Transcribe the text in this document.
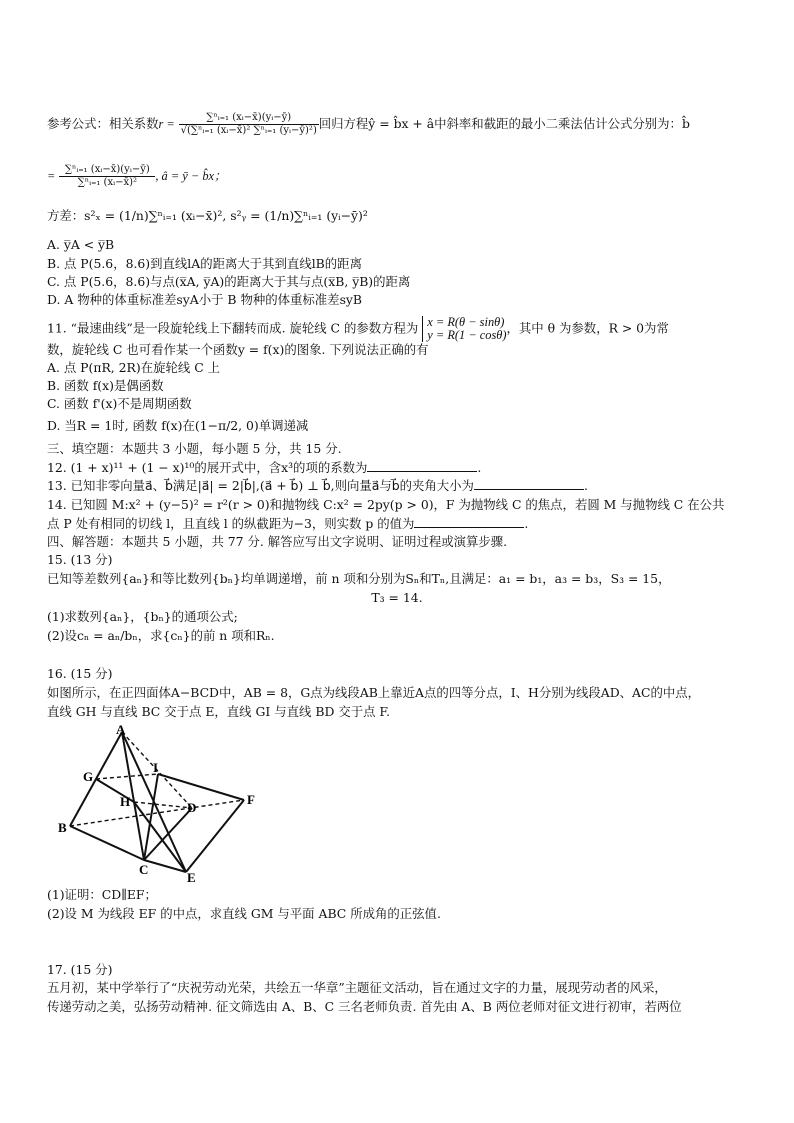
参考公式：相关系数$r = \frac{\text{∑ⁿᵢ₌₁ (xᵢ−x̄)(yᵢ−ȳ)}}{\text{√(∑ⁿᵢ₌₁ (xᵢ−x̄)² ∑ⁿᵢ₌₁ (yᵢ−ȳ)²)}}$ 回归方程ŷ = b̂x + â中斜率和截距的最小二乘法估计公式分别为：b̂
= $\frac{\text{∑ⁿᵢ₌₁ (xᵢ−x̄)(yᵢ−ȳ)}}{\text{∑ⁿᵢ₌₁ (xᵢ−x̄)²}}$ , â = ȳ − b̂x；
方差：s²ₓ = (1/n)∑ⁿᵢ₌₁ (xᵢ−x̄)², s²ᵧ = (1/n)∑ⁿᵢ₌₁ (yᵢ−ȳ)²
A. y̅A < y̅B
B. 点 P(5.6，8.6)到直线lA的距离大于其到直线lB的距离
C. 点 P(5.6，8.6)与点(x̅A, y̅A)的距离大于其与点(x̅B, y̅B)的距离
D. A 物种的体重标准差syA小于 B 物种的体重标准差syB
11. “最速曲线”是一段旋轮线上下翻转而成. 旋轮线 C 的参数方程为 x = R(θ − sinθ)
y = R(1 − cosθ) ，其中 θ 为参数，R > 0为常
数，旋轮线 C 也可看作某一个函数y = f(x)的图象. 下列说法正确的有
A. 点 P(πR, 2R)在旋轮线 C 上
B. 函数 f(x)是偶函数
C. 函数 f'(x)不是周期函数
D. 当R = 1时, 函数 f(x)在(1−π/2, 0)单调递减
三、填空题：本题共 3 小题，每小题 5 分，共 15 分.
12. (1 + x)¹¹ + (1 − x)¹⁰的展开式中，含x³的项的系数为	.
13. 已知非零向量a⃗、b⃗满足|a⃗| = 2|b⃗|,(a⃗ + b⃗) ⊥ b⃗,则向量a⃗与b⃗的夹角大小为	.
14. 已知圆 M:x² + (y−5)² = r²(r > 0)和抛物线 C:x² = 2py(p > 0)，F 为抛物线 C 的焦点，若圆 M 与抛物线 C 在公共
点 P 处有相同的切线 l，且直线 l 的纵截距为−3，则实数 p 的值为	.
四、解答题：本题共 5 小题，共 77 分. 解答应写出文字说明、证明过程或演算步骤.
15. (13 分)
已知等差数列{aₙ}和等比数列{bₙ}均单调递增，前 n 项和分别为Sₙ和Tₙ,且满足：a₁ = b₁，a₃ = b₃，S₃ = 15，
T₃ = 14.
(1)求数列{aₙ}，{bₙ}的通项公式;
(2)设cₙ = aₙ/bₙ，求{cₙ}的前 n 项和Rₙ.
16. (15 分)
如图所示，在正四面体A−BCD中，AB = 8，G点为线段AB上靠近A点的四等分点，I、H分别为线段AD、AC的中点，
直线 GH 与直线 BC 交于点 E，直线 GI 与直线 BD 交于点 F.
A
G
I
H	D
F
B
C
E
(1)证明：CD∥EF；
(2)设 M 为线段 EF 的中点，求直线 GM 与平面 ABC 所成角的正弦值.
17. (15 分)
五月初，某中学举行了“庆祝劳动光荣，共绘五一华章”主题征文活动，旨在通过文字的力量，展现劳动者的风采，
传递劳动之美，弘扬劳动精神. 征文筛选由 A、B、C 三名老师负责. 首先由 A、B 两位老师对征文进行初审，若两位
